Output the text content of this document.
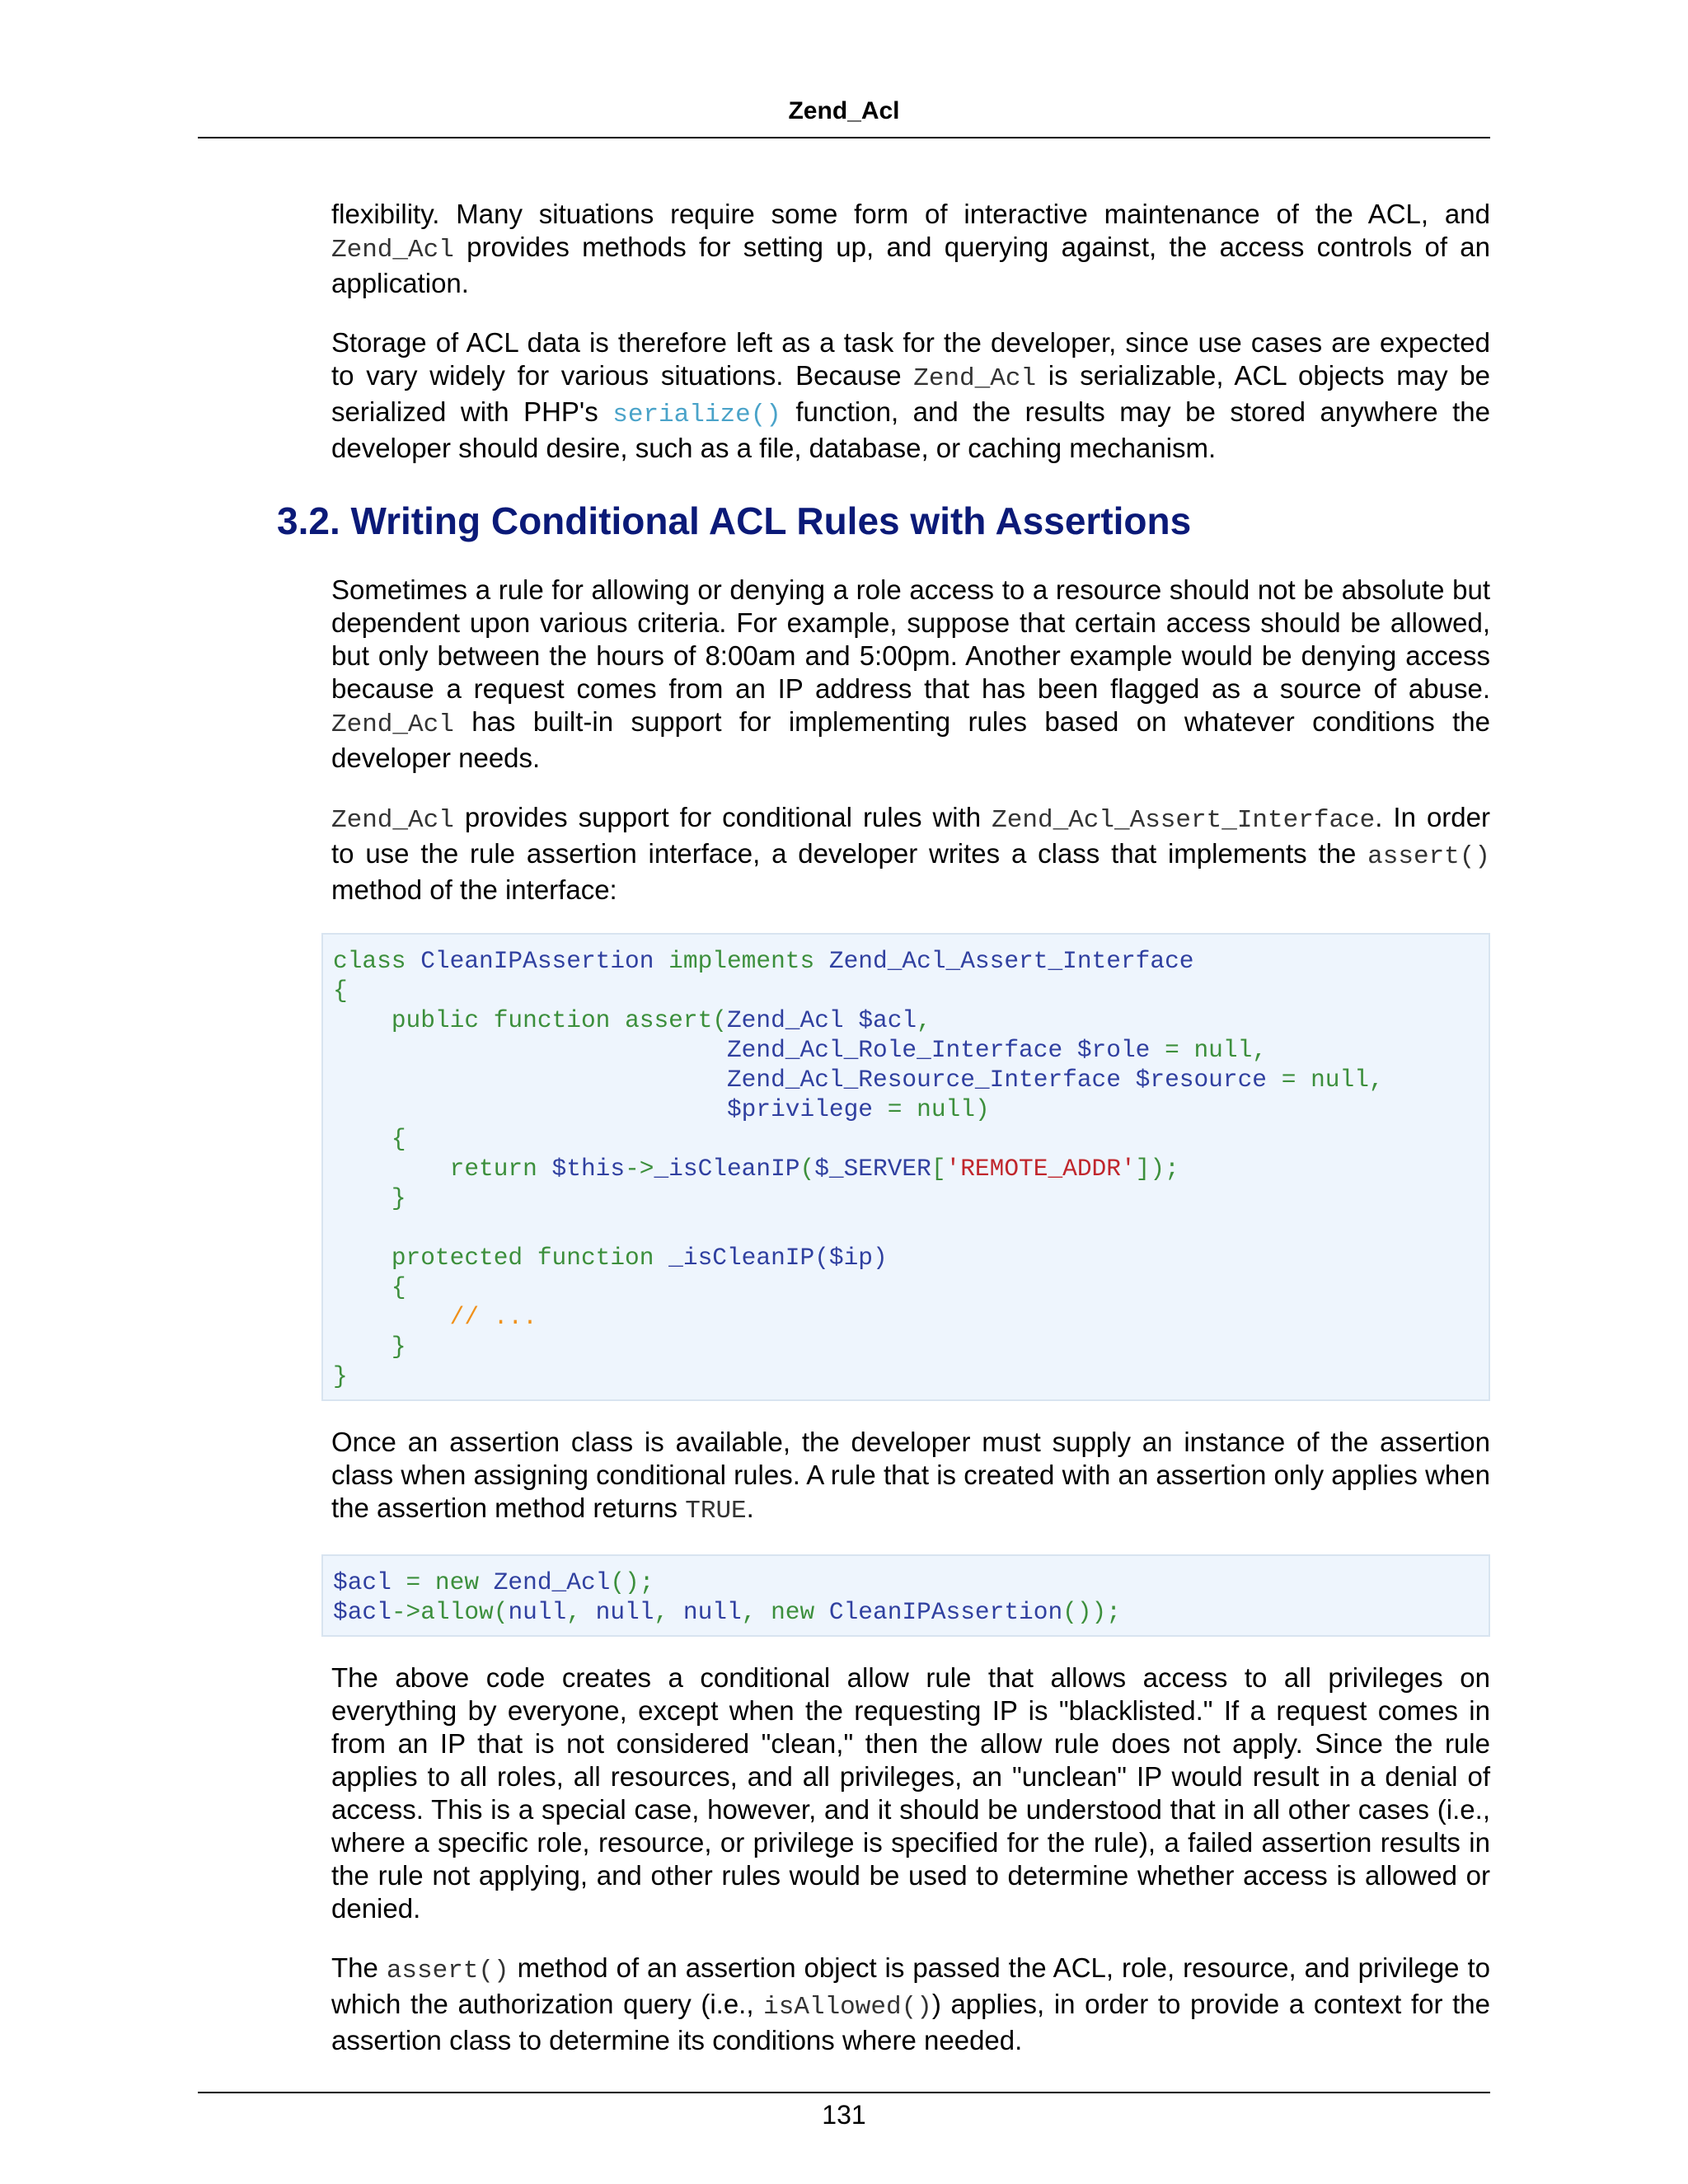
Zend_Acl

flexibility. Many situations require some form of interactive maintenance of the ACL, and Zend_Acl provides methods for setting up, and querying against, the access controls of an application.

Storage of ACL data is therefore left as a task for the developer, since use cases are expected to vary widely for various situations. Because Zend_Acl is serializable, ACL objects may be serialized with PHP's serialize() function, and the results may be stored anywhere the developer should desire, such as a file, database, or caching mechanism.

3.2. Writing Conditional ACL Rules with Assertions

Sometimes a rule for allowing or denying a role access to a resource should not be absolute but dependent upon various criteria. For example, suppose that certain access should be allowed, but only between the hours of 8:00am and 5:00pm. Another example would be denying access because a request comes from an IP address that has been flagged as a source of abuse. Zend_Acl has built-in support for implementing rules based on whatever conditions the developer needs.

Zend_Acl provides support for conditional rules with Zend_Acl_Assert_Interface. In order to use the rule assertion interface, a developer writes a class that implements the assert() method of the interface:

class CleanIPAssertion implements Zend_Acl_Assert_Interface
{
public function assert(Zend_Acl $acl,
Zend_Acl_Role_Interface $role = null,
Zend_Acl_Resource_Interface $resource = null,
$privilege = null)
{
return $this->_isCleanIP($_SERVER['REMOTE_ADDR']);
}

protected function _isCleanIP($ip)
{
// ...
}
}

Once an assertion class is available, the developer must supply an instance of the assertion class when assigning conditional rules. A rule that is created with an assertion only applies when the assertion method returns TRUE.

$acl = new Zend_Acl();
$acl->allow(null, null, null, new CleanIPAssertion());

The above code creates a conditional allow rule that allows access to all privileges on everything by everyone, except when the requesting IP is "blacklisted." If a request comes in from an IP that is not considered "clean," then the allow rule does not apply. Since the rule applies to all roles, all resources, and all privileges, an "unclean" IP would result in a denial of access. This is a special case, however, and it should be understood that in all other cases (i.e., where a specific role, resource, or privilege is specified for the rule), a failed assertion results in the rule not applying, and other rules would be used to determine whether access is allowed or denied.

The assert() method of an assertion object is passed the ACL, role, resource, and privilege to which the authorization query (i.e., isAllowed()) applies, in order to provide a context for the assertion class to determine its conditions where needed.

131
